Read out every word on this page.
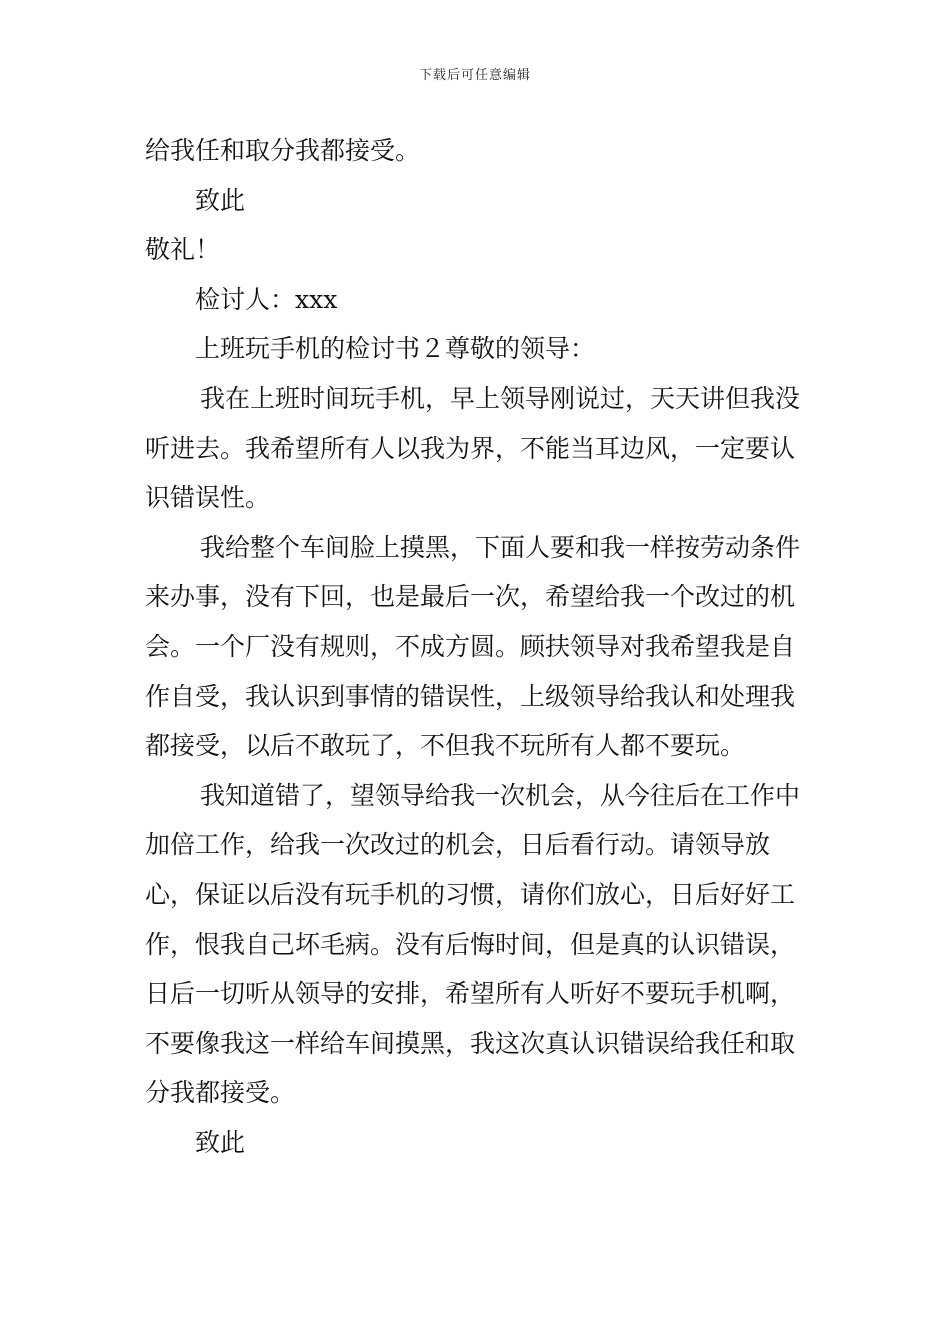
下载后可任意编辑

给我任和取分我都接受。

致此

敬礼！

检讨人：xxx

上班玩手机的检讨书２尊敬的领导：

我在上班时间玩手机，早上领导刚说过，天天讲但我没听进去。我希望所有人以我为界，不能当耳边风，一定要认识错误性。

我给整个车间脸上摸黑，下面人要和我一样按劳动条件来办事，没有下回，也是最后一次，希望给我一个改过的机会。一个厂没有规则，不成方圆。顾扶领导对我希望我是自作自受，我认识到事情的错误性，上级领导给我认和处理我都接受，以后不敢玩了，不但我不玩所有人都不要玩。

我知道错了，望领导给我一次机会，从今往后在工作中加倍工作，给我一次改过的机会，日后看行动。请领导放心，保证以后没有玩手机的习惯，请你们放心，日后好好工作，恨我自己坏毛病。没有后悔时间，但是真的认识错误，日后一切听从领导的安排，希望所有人听好不要玩手机啊，不要像我这一样给车间摸黑，我这次真认识错误给我任和取分我都接受。

致此
